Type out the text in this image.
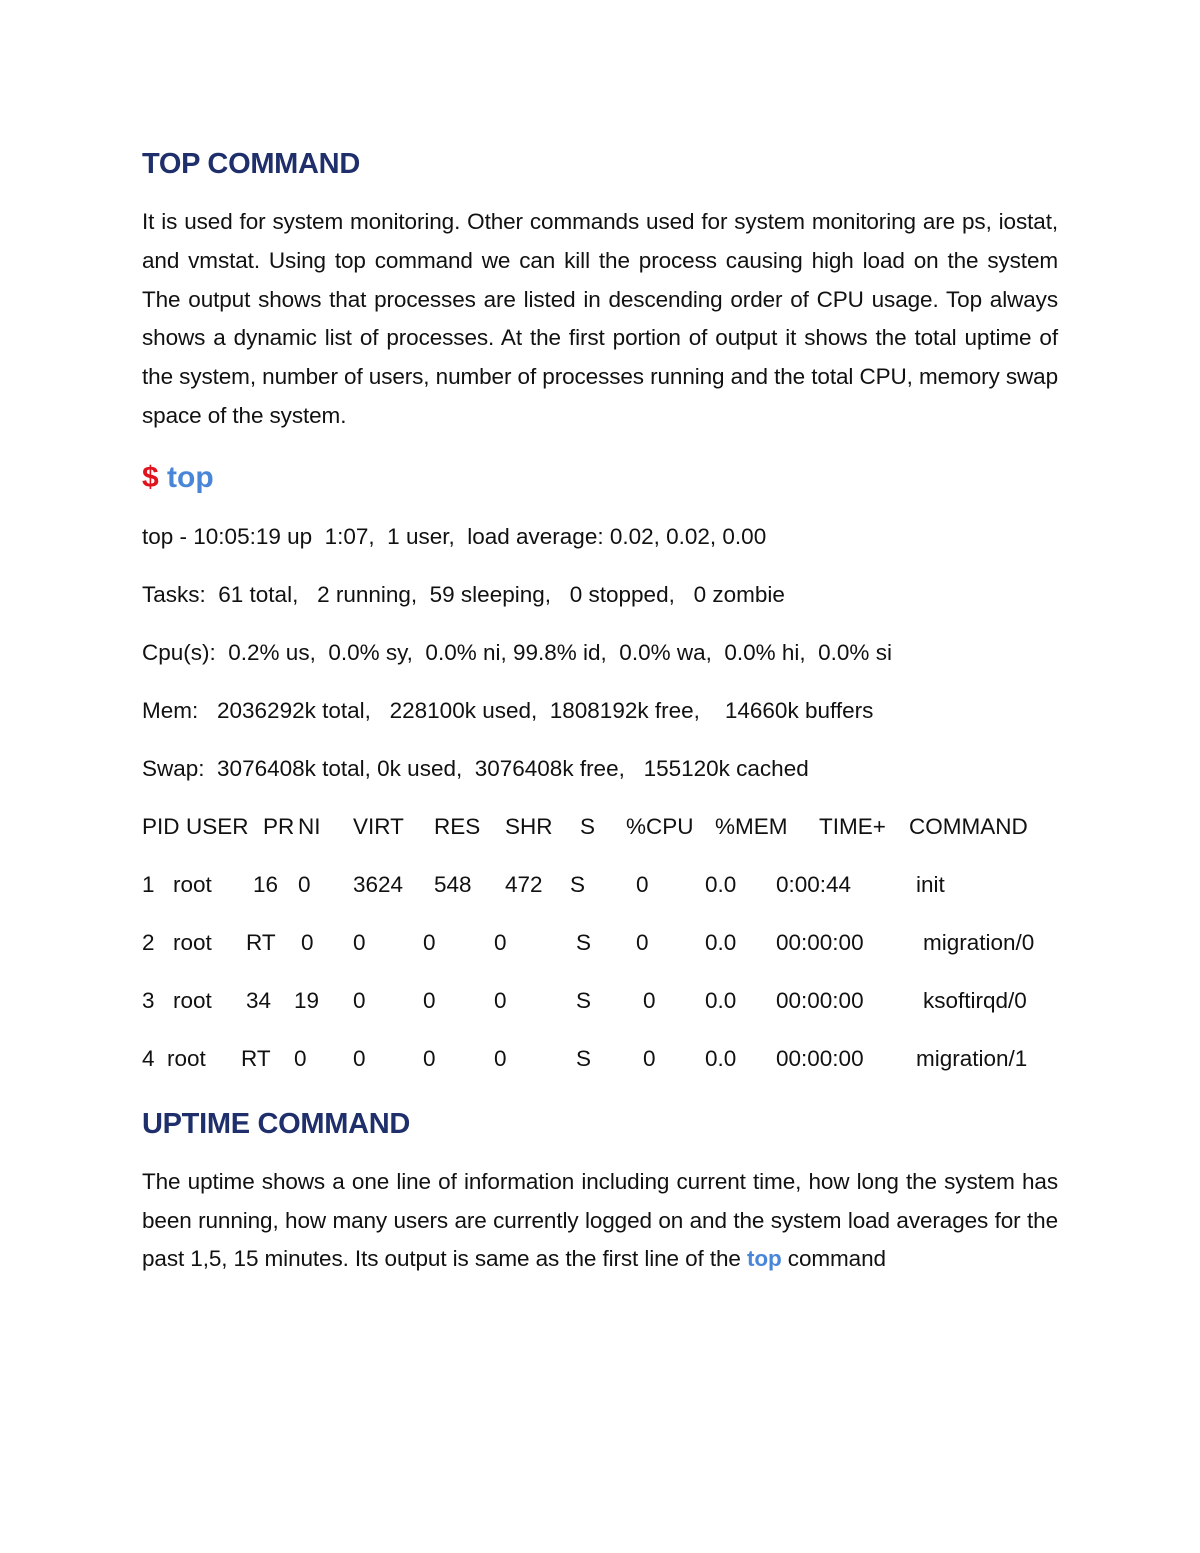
TOP COMMAND

It is used for system monitoring. Other commands used for system monitoring are ps, iostat, and vmstat. Using top command we can kill the process causing high load on the system The output shows that processes are listed in descending order of CPU usage. Top always shows a dynamic list of processes. At the first portion of output it shows the total uptime of the system, number of users, number of processes running and the total CPU, memory swap space of the system.

$ top

top - 10:05:19 up  1:07,  1 user,  load average: 0.02, 0.02, 0.00

Tasks:  61 total,   2 running,  59 sleeping,   0 stopped,   0 zombie

Cpu(s):  0.2% us,  0.0% sy,  0.0% ni, 99.8% id,  0.0% wa,  0.0% hi,  0.0% si

Mem:   2036292k total,   228100k used,  1808192k free,    14660k buffers

Swap:  3076408k total, 0k used,  3076408k free,   155120k cached

PID USER PR NI VIRT RES SHR S %CPU %MEM TIME+ COMMAND
1 root 16 0 3624 548 472 S 0	0.0 0:00:44	init
2 root RT 0 0	0	0	S 0	0.0 00:00:00	migration/0
3 root 34 19 0	0	0	S 0 0.0 00:00:00	ksoftirqd/0
4 root RT 0 0	0	0	S 0 0.0 00:00:00 migration/1
UPTIME COMMAND

The uptime shows a one line of information including current time, how long the system has been running, how many users are currently logged on and the system load averages for the past 1,5, 15 minutes. Its output is same as the first line of the top command
